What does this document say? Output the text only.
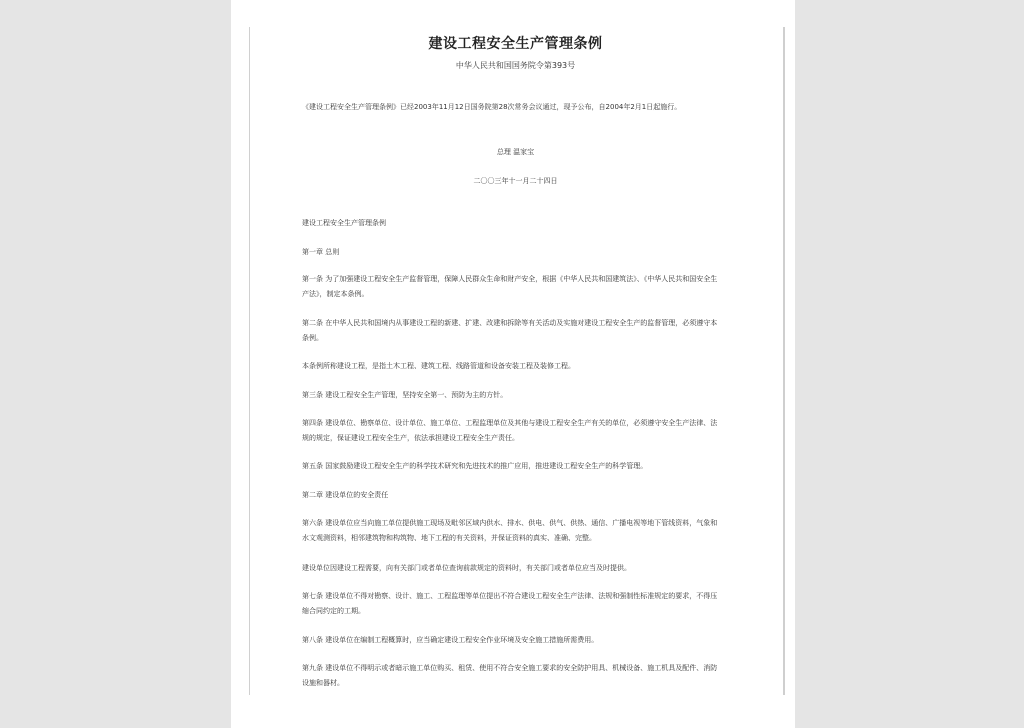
建设工程安全生产管理条例
中华人民共和国国务院令第393号
《建设工程安全生产管理条例》已经2003年11月12日国务院第28次常务会议通过，现予公布，自2004年2月1日起施行。
总理 温家宝
二〇〇三年十一月二十四日
建设工程安全生产管理条例
第一章 总则
第一条 为了加强建设工程安全生产监督管理，保障人民群众生命和财产安全，根据《中华人民共和国建筑法》、《中华人民共和国安全生产法》，制定本条例。
第二条 在中华人民共和国境内从事建设工程的新建、扩建、改建和拆除等有关活动及实施对建设工程安全生产的监督管理，必须遵守本条例。
本条例所称建设工程，是指土木工程、建筑工程、线路管道和设备安装工程及装修工程。
第三条 建设工程安全生产管理，坚持安全第一、预防为主的方针。
第四条 建设单位、勘察单位、设计单位、施工单位、工程监理单位及其他与建设工程安全生产有关的单位，必须遵守安全生产法律、法规的规定，保证建设工程安全生产，依法承担建设工程安全生产责任。
第五条 国家鼓励建设工程安全生产的科学技术研究和先进技术的推广应用，推进建设工程安全生产的科学管理。
第二章 建设单位的安全责任
第六条 建设单位应当向施工单位提供施工现场及毗邻区域内供水、排水、供电、供气、供热、通信、广播电视等地下管线资料，气象和水文观测资料，相邻建筑物和构筑物、地下工程的有关资料，并保证资料的真实、准确、完整。
建设单位因建设工程需要，向有关部门或者单位查询前款规定的资料时，有关部门或者单位应当及时提供。
第七条 建设单位不得对勘察、设计、施工、工程监理等单位提出不符合建设工程安全生产法律、法规和强制性标准规定的要求，不得压缩合同约定的工期。
第八条 建设单位在编制工程概算时，应当确定建设工程安全作业环境及安全施工措施所需费用。
第九条 建设单位不得明示或者暗示施工单位购买、租赁、使用不符合安全施工要求的安全防护用具、机械设备、施工机具及配件、消防设施和器材。
